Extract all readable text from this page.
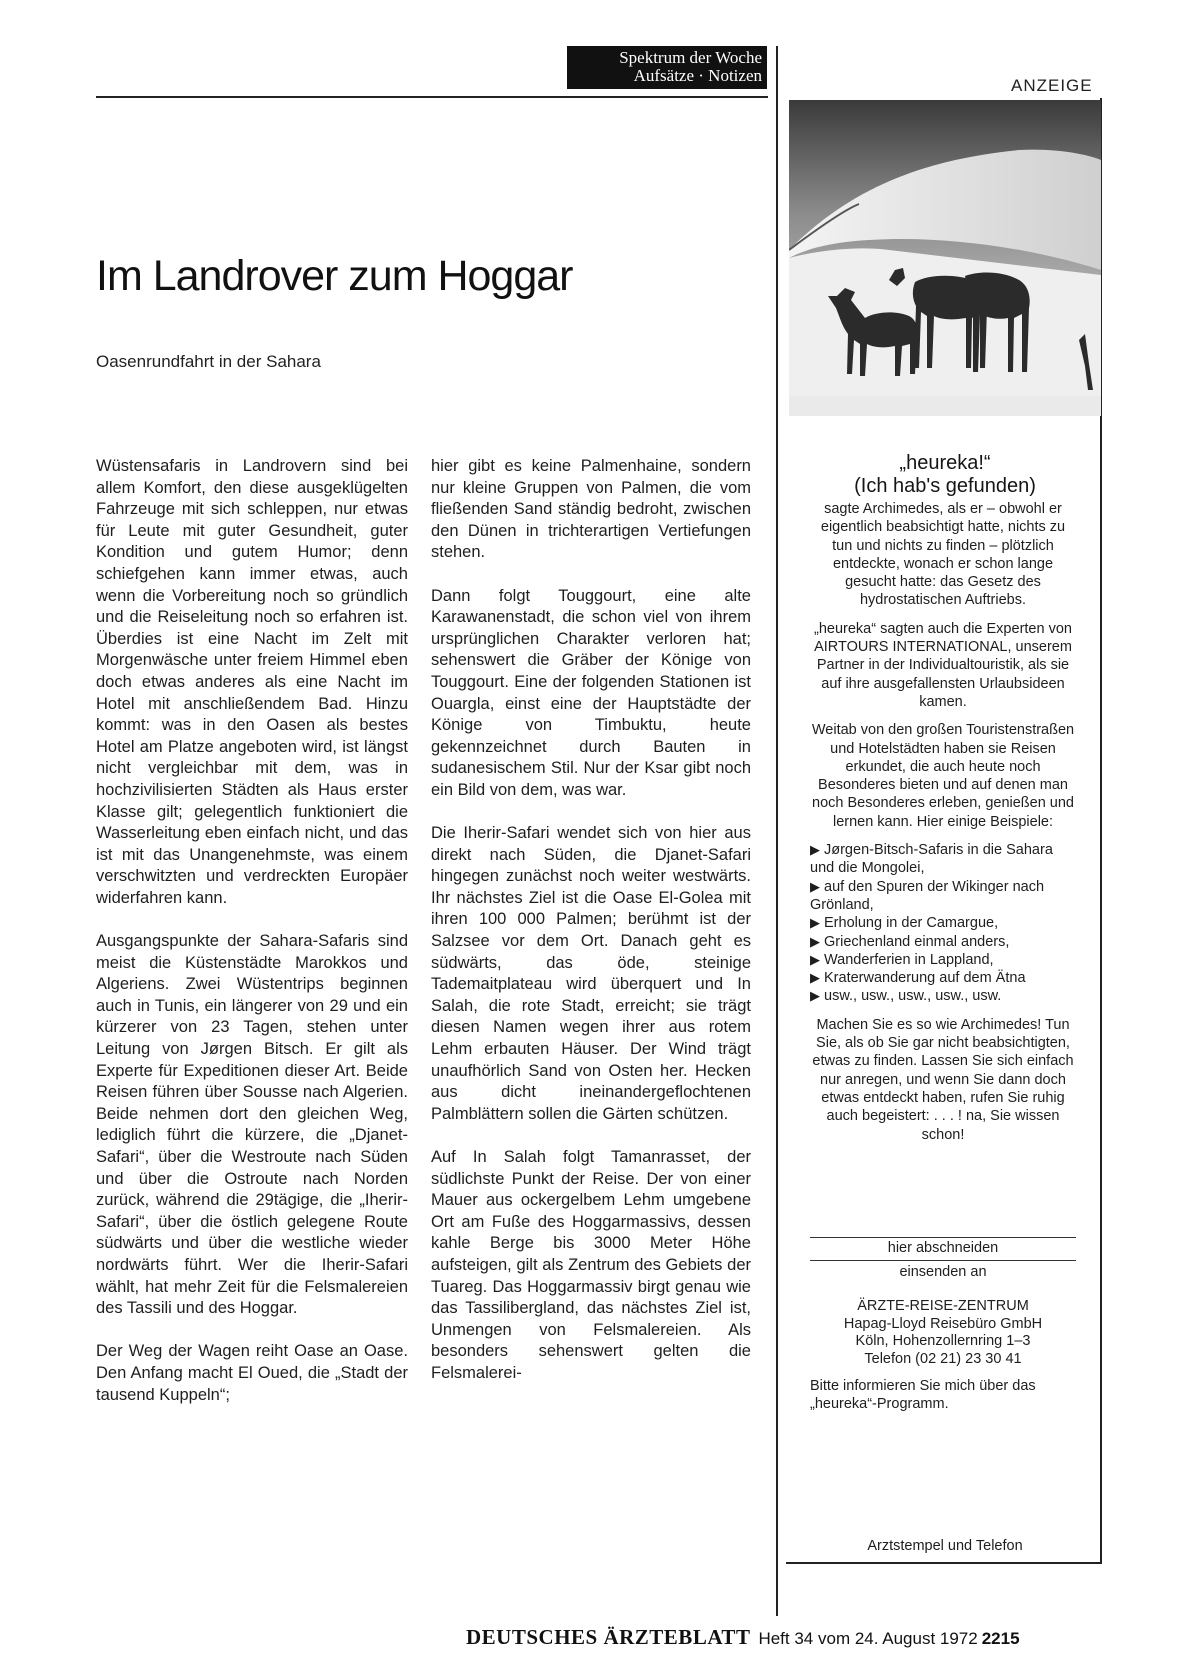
Spektrum der Woche
Aufsätze · Notizen
Im Landrover zum Hoggar
Oasenrundfahrt in der Sahara

Wüstensafaris in Landrovern sind bei allem Komfort, den diese ausgeklügelten Fahrzeuge mit sich schleppen, nur etwas für Leute mit guter Gesundheit, guter Kondition und gutem Humor; denn schiefgehen kann immer etwas, auch wenn die Vorbereitung noch so gründlich und die Reiseleitung noch so erfahren ist. Überdies ist eine Nacht im Zelt mit Morgenwäsche unter freiem Himmel eben doch etwas anderes als eine Nacht im Hotel mit anschließendem Bad. Hinzu kommt: was in den Oasen als bestes Hotel am Platze angeboten wird, ist längst nicht vergleichbar mit dem, was in hochzivilisierten Städten als Haus erster Klasse gilt; gelegentlich funktioniert die Wasserleitung eben einfach nicht, und das ist mit das Unangenehmste, was einem verschwitzten und verdreckten Europäer widerfahren kann.

Ausgangspunkte der Sahara-Safaris sind meist die Küstenstädte Marokkos und Algeriens. Zwei Wüstentrips beginnen auch in Tunis, ein längerer von 29 und ein kürzerer von 23 Tagen, stehen unter Leitung von Jørgen Bitsch. Er gilt als Experte für Expeditionen dieser Art. Beide Reisen führen über Sousse nach Algerien. Beide nehmen dort den gleichen Weg, lediglich führt die kürzere, die „Djanet-Safari“, über die Westroute nach Süden und über die Ostroute nach Norden zurück, während die 29tägige, die „Iherir-Safari“, über die östlich gelegene Route südwärts und über die westliche wieder nordwärts führt. Wer die Iherir-Safari wählt, hat mehr Zeit für die Felsmalereien des Tassili und des Hoggar.

Der Weg der Wagen reiht Oase an Oase. Den Anfang macht El Oued, die „Stadt der tausend Kuppeln“;

hier gibt es keine Palmenhaine, sondern nur kleine Gruppen von Palmen, die vom fließenden Sand ständig bedroht, zwischen den Dünen in trichterartigen Vertiefungen stehen.

Dann folgt Touggourt, eine alte Karawanenstadt, die schon viel von ihrem ursprünglichen Charakter verloren hat; sehenswert die Gräber der Könige von Touggourt. Eine der folgenden Stationen ist Ouargla, einst eine der Hauptstädte der Könige von Timbuktu, heute gekennzeichnet durch Bauten in sudanesischem Stil. Nur der Ksar gibt noch ein Bild von dem, was war.

Die Iherir-Safari wendet sich von hier aus direkt nach Süden, die Djanet-Safari hingegen zunächst noch weiter westwärts. Ihr nächstes Ziel ist die Oase El-Golea mit ihren 100 000 Palmen; berühmt ist der Salzsee vor dem Ort. Danach geht es südwärts, das öde, steinige Tademaitplateau wird überquert und In Salah, die rote Stadt, erreicht; sie trägt diesen Namen wegen ihrer aus rotem Lehm erbauten Häuser. Der Wind trägt unaufhörlich Sand von Osten her. Hecken aus dicht ineinandergeflochtenen Palmblättern sollen die Gärten schützen.

Auf In Salah folgt Tamanrasset, der südlichste Punkt der Reise. Der von einer Mauer aus ockergelbem Lehm umgebene Ort am Fuße des Hoggarmassivs, dessen kahle Berge bis 3000 Meter Höhe aufsteigen, gilt als Zentrum des Gebiets der Tuareg. Das Hoggarmassiv birgt genau wie das Tassilibergland, das nächstes Ziel ist, Unmengen von Felsmalereien. Als besonders sehenswert gelten die Felsmalerei-

ANZEIGE
„heureka!“
(Ich hab's gefunden)

sagte Archimedes, als er – obwohl er eigentlich beabsichtigt hatte, nichts zu tun und nichts zu finden – plötzlich entdeckte, wonach er schon lange gesucht hatte: das Gesetz des hydrostatischen Auftriebs.

„heureka“ sagten auch die Experten von AIRTOURS INTERNATIONAL, unserem Partner in der Individualtouristik, als sie auf ihre ausgefallensten Urlaubsideen kamen.

Weitab von den großen Touristenstraßen und Hotelstädten haben sie Reisen erkundet, die auch heute noch Besonderes bieten und auf denen man noch Besonderes erleben, genießen und lernen kann. Hier einige Beispiele:

▶ Jørgen-Bitsch-Safaris in die Sahara und die Mongolei,
▶ auf den Spuren der Wikinger nach Grönland,
▶ Erholung in der Camargue,
▶ Griechenland einmal anders,
▶ Wanderferien in Lappland,
▶ Kraterwanderung auf dem Ätna
▶ usw., usw., usw., usw., usw.

Machen Sie es so wie Archimedes! Tun Sie, als ob Sie gar nicht beabsichtigten, etwas zu finden. Lassen Sie sich einfach nur anregen, und wenn Sie dann doch etwas entdeckt haben, rufen Sie ruhig auch begeistert: . . . ! na, Sie wissen schon!

hier abschneiden
einsenden an
ÄRZTE-REISE-ZENTRUM
Hapag-Lloyd Reisebüro GmbH
Köln, Hohenzollernring 1–3
Telefon (02 21) 23 30 41
Bitte informieren Sie mich über das „heureka“-Programm.
Arztstempel und Telefon
DEUTSCHES ÄRZTEBLATT Heft 34 vom 24. August 1972 2215
